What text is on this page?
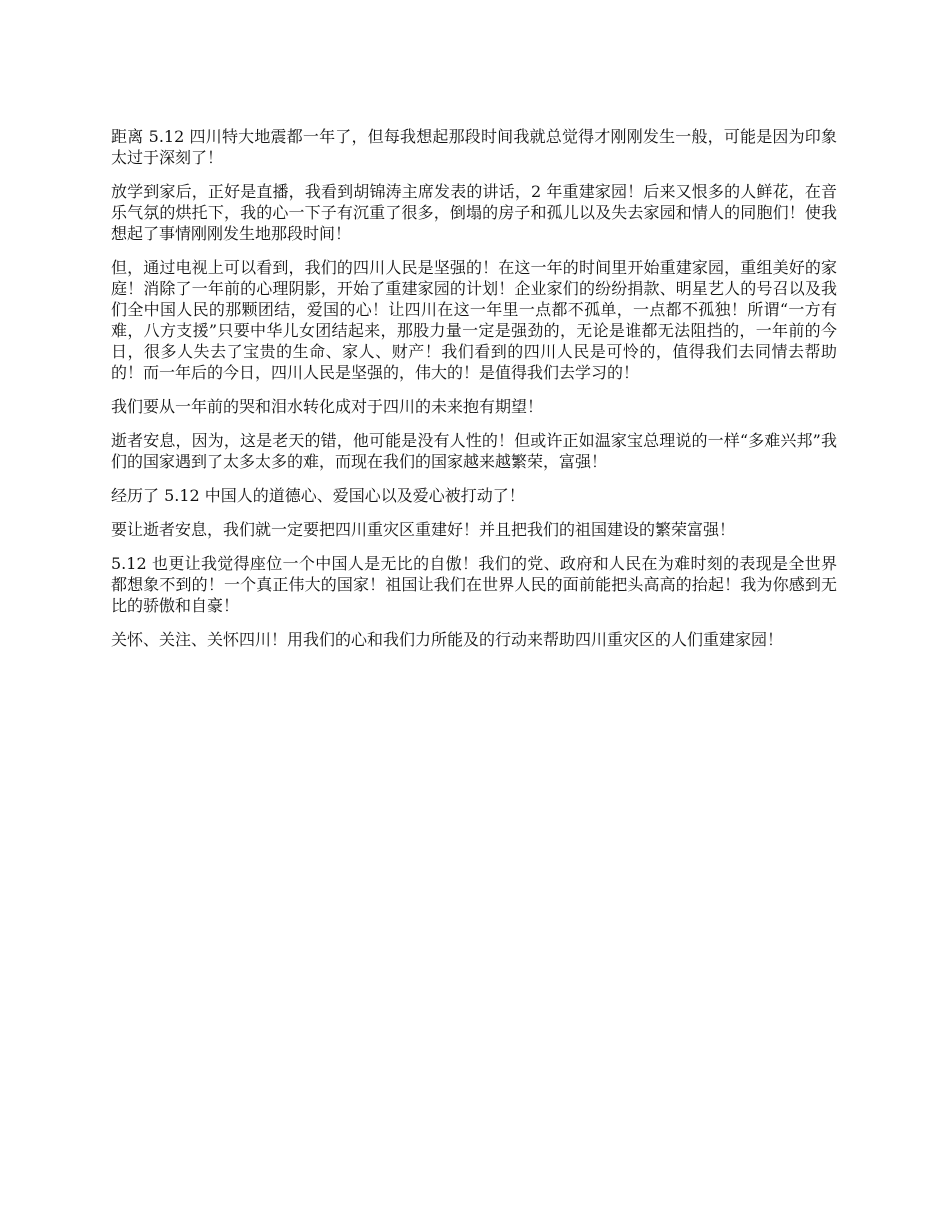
距离 5.12 四川特大地震都一年了，但每我想起那段时间我就总觉得才刚刚发生一般，可能是因为印象太过于深刻了！

放学到家后，正好是直播，我看到胡锦涛主席发表的讲话，2 年重建家园！后来又恨多的人鲜花，在音乐气氛的烘托下，我的心一下子有沉重了很多，倒塌的房子和孤儿以及失去家园和情人的同胞们！使我想起了事情刚刚发生地那段时间！

但，通过电视上可以看到，我们的四川人民是坚强的！在这一年的时间里开始重建家园，重组美好的家庭！消除了一年前的心理阴影，开始了重建家园的计划！企业家们的纷纷捐款、明星艺人的号召以及我们全中国人民的那颗团结，爱国的心！让四川在这一年里一点都不孤单，一点都不孤独！所谓“一方有难，八方支援”只要中华儿女团结起来，那股力量一定是强劲的，无论是谁都无法阻挡的，一年前的今日，很多人失去了宝贵的生命、家人、财产！我们看到的四川人民是可怜的，值得我们去同情去帮助的！而一年后的今日，四川人民是坚强的，伟大的！是值得我们去学习的！

我们要从一年前的哭和泪水转化成对于四川的未来抱有期望！

逝者安息，因为，这是老天的错，他可能是没有人性的！但或许正如温家宝总理说的一样“多难兴邦”我们的国家遇到了太多太多的难，而现在我们的国家越来越繁荣，富强！

经历了 5.12 中国人的道德心、爱国心以及爱心被打动了！

要让逝者安息，我们就一定要把四川重灾区重建好！并且把我们的祖国建设的繁荣富强！

5.12 也更让我觉得座位一个中国人是无比的自傲！我们的党、政府和人民在为难时刻的表现是全世界都想象不到的！一个真正伟大的国家！祖国让我们在世界人民的面前能把头高高的抬起！我为你感到无比的骄傲和自豪！

关怀、关注、关怀四川！用我们的心和我们力所能及的行动来帮助四川重灾区的人们重建家园！
